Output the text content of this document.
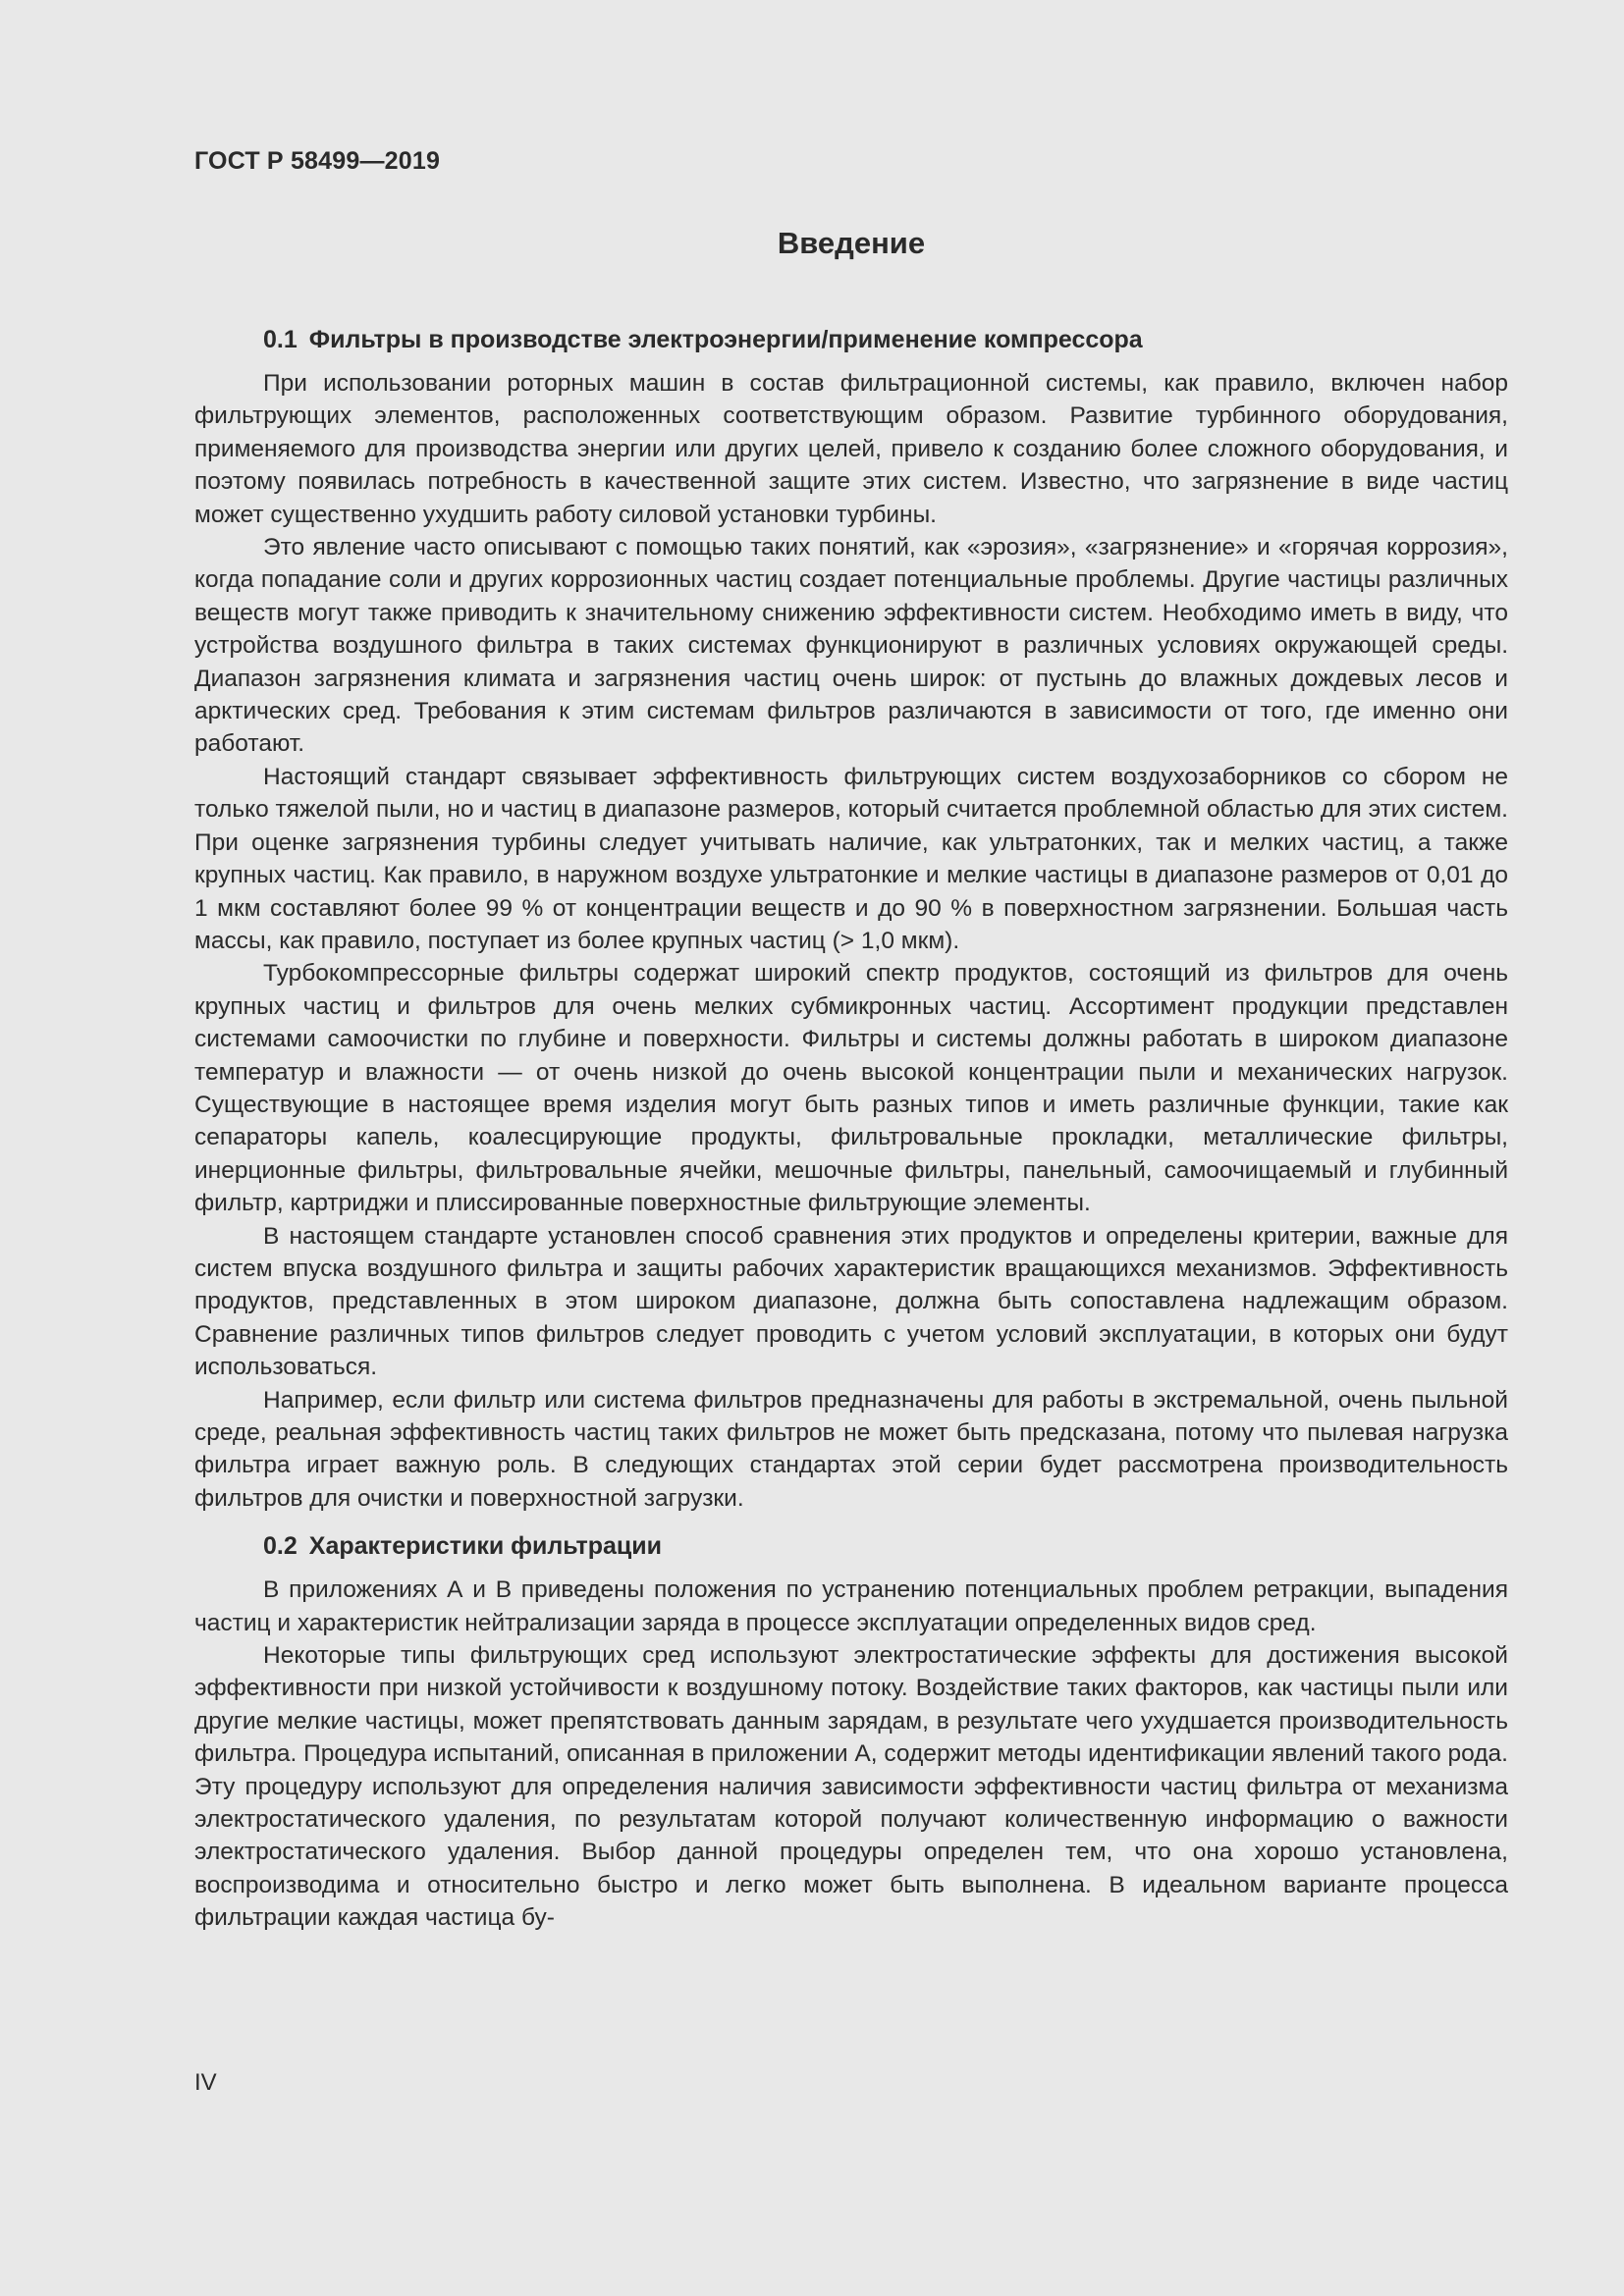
ГОСТ Р 58499—2019
Введение
0.1 Фильтры в производстве электроэнергии/применение компрессора

При использовании роторных машин в состав фильтрационной системы, как правило, включен набор фильтрующих элементов, расположенных соответствующим образом. Развитие турбинного оборудования, применяемого для производства энергии или других целей, привело к созданию более сложного оборудования, и поэтому появилась потребность в качественной защите этих систем. Известно, что загрязнение в виде частиц может существенно ухудшить работу силовой установки турбины.

Это явление часто описывают с помощью таких понятий, как «эрозия», «загрязнение» и «горячая коррозия», когда попадание соли и других коррозионных частиц создает потенциальные проблемы. Другие частицы различных веществ могут также приводить к значительному снижению эффективности систем. Необходимо иметь в виду, что устройства воздушного фильтра в таких системах функционируют в различных условиях окружающей среды. Диапазон загрязнения климата и загрязнения частиц очень широк: от пустынь до влажных дождевых лесов и арктических сред. Требования к этим системам фильтров различаются в зависимости от того, где именно они работают.

Настоящий стандарт связывает эффективность фильтрующих систем воздухозаборников со сбором не только тяжелой пыли, но и частиц в диапазоне размеров, который считается проблемной областью для этих систем. При оценке загрязнения турбины следует учитывать наличие, как ультратонких, так и мелких частиц, а также крупных частиц. Как правило, в наружном воздухе ультратонкие и мелкие частицы в диапазоне размеров от 0,01 до 1 мкм составляют более 99 % от концентрации веществ и до 90 % в поверхностном загрязнении. Большая часть массы, как правило, поступает из более крупных частиц (> 1,0 мкм).

Турбокомпрессорные фильтры содержат широкий спектр продуктов, состоящий из фильтров для очень крупных частиц и фильтров для очень мелких субмикронных частиц. Ассортимент продукции представлен системами самоочистки по глубине и поверхности. Фильтры и системы должны работать в широком диапазоне температур и влажности — от очень низкой до очень высокой концентрации пыли и механических нагрузок. Существующие в настоящее время изделия могут быть разных типов и иметь различные функции, такие как сепараторы капель, коалесцирующие продукты, фильтровальные прокладки, металлические фильтры, инерционные фильтры, фильтровальные ячейки, мешочные фильтры, панельный, самоочищаемый и глубинный фильтр, картриджи и плиссированные поверхностные фильтрующие элементы.

В настоящем стандарте установлен способ сравнения этих продуктов и определены критерии, важные для систем впуска воздушного фильтра и защиты рабочих характеристик вращающихся механизмов. Эффективность продуктов, представленных в этом широком диапазоне, должна быть сопоставлена надлежащим образом. Сравнение различных типов фильтров следует проводить с учетом условий эксплуатации, в которых они будут использоваться.

Например, если фильтр или система фильтров предназначены для работы в экстремальной, очень пыльной среде, реальная эффективность частиц таких фильтров не может быть предсказана, потому что пылевая нагрузка фильтра играет важную роль. В следующих стандартах этой серии будет рассмотрена производительность фильтров для очистки и поверхностной загрузки.

0.2 Характеристики фильтрации

В приложениях А и В приведены положения по устранению потенциальных проблем ретракции, выпадения частиц и характеристик нейтрализации заряда в процессе эксплуатации определенных видов сред.

Некоторые типы фильтрующих сред используют электростатические эффекты для достижения высокой эффективности при низкой устойчивости к воздушному потоку. Воздействие таких факторов, как частицы пыли или другие мелкие частицы, может препятствовать данным зарядам, в результате чего ухудшается производительность фильтра. Процедура испытаний, описанная в приложении А, содержит методы идентификации явлений такого рода. Эту процедуру используют для определения наличия зависимости эффективности частиц фильтра от механизма электростатического удаления, по результатам которой получают количественную информацию о важности электростатического удаления. Выбор данной процедуры определен тем, что она хорошо установлена, воспроизводима и относительно быстро и легко может быть выполнена. В идеальном варианте процесса фильтрации каждая частица бу-

IV
